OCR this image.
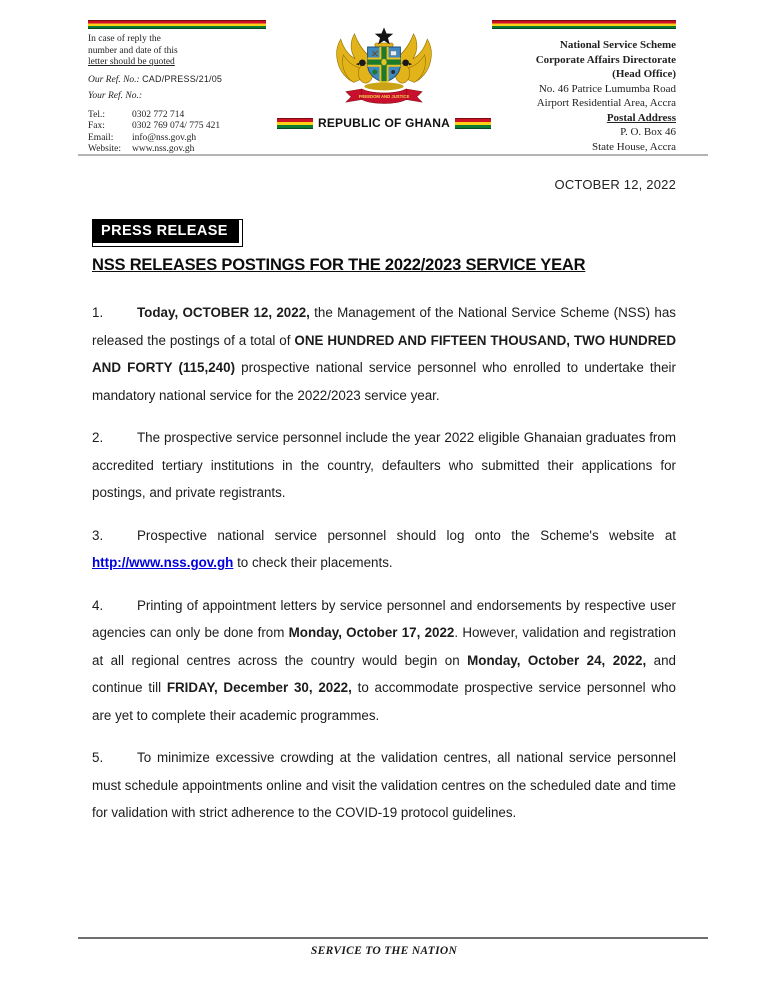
In case of reply the
number and date of this
letter should be quoted
Our Ref. No.: CAD/PRESS/21/05
Your Ref. No.:
Tel.:	0302 772 714
Fax:	0302 769 074/ 775 421
Email:	info@nss.gov.gh
Website:	www.nss.gov.gh
FREEDOM AND JUSTICE
REPUBLIC OF GHANA
National Service Scheme
Corporate Affairs Directorate
(Head Office)
No. 46 Patrice Lumumba Road
Airport Residential Area, Accra
Postal Address
P. O. Box 46
State House, Accra
OCTOBER 12, 2022
PRESS RELEASE
NSS RELEASES POSTINGS FOR THE 2022/2023 SERVICE YEAR

1.	Today, OCTOBER 12, 2022, the Management of the National Service Scheme (NSS) has released the postings of a total of ONE HUNDRED AND FIFTEEN THOUSAND, TWO HUNDRED AND FORTY (115,240) prospective national service personnel who enrolled to undertake their mandatory national service for the 2022/2023 service year.

2.	The prospective service personnel include the year 2022 eligible Ghanaian graduates from accredited tertiary institutions in the country, defaulters who submitted their applications for postings, and private registrants.

3.	Prospective national service personnel should log onto the Scheme's website at http://www.nss.gov.gh to check their placements.

4.	Printing of appointment letters by service personnel and endorsements by respective user agencies can only be done from Monday, October 17, 2022. However, validation and registration at all regional centres across the country would begin on Monday, October 24, 2022, and continue till FRIDAY, December 30, 2022, to accommodate prospective service personnel who are yet to complete their academic programmes.

5.	To minimize excessive crowding at the validation centres, all national service personnel must schedule appointments online and visit the validation centres on the scheduled date and time for validation with strict adherence to the COVID-19 protocol guidelines.

SERVICE TO THE NATION
